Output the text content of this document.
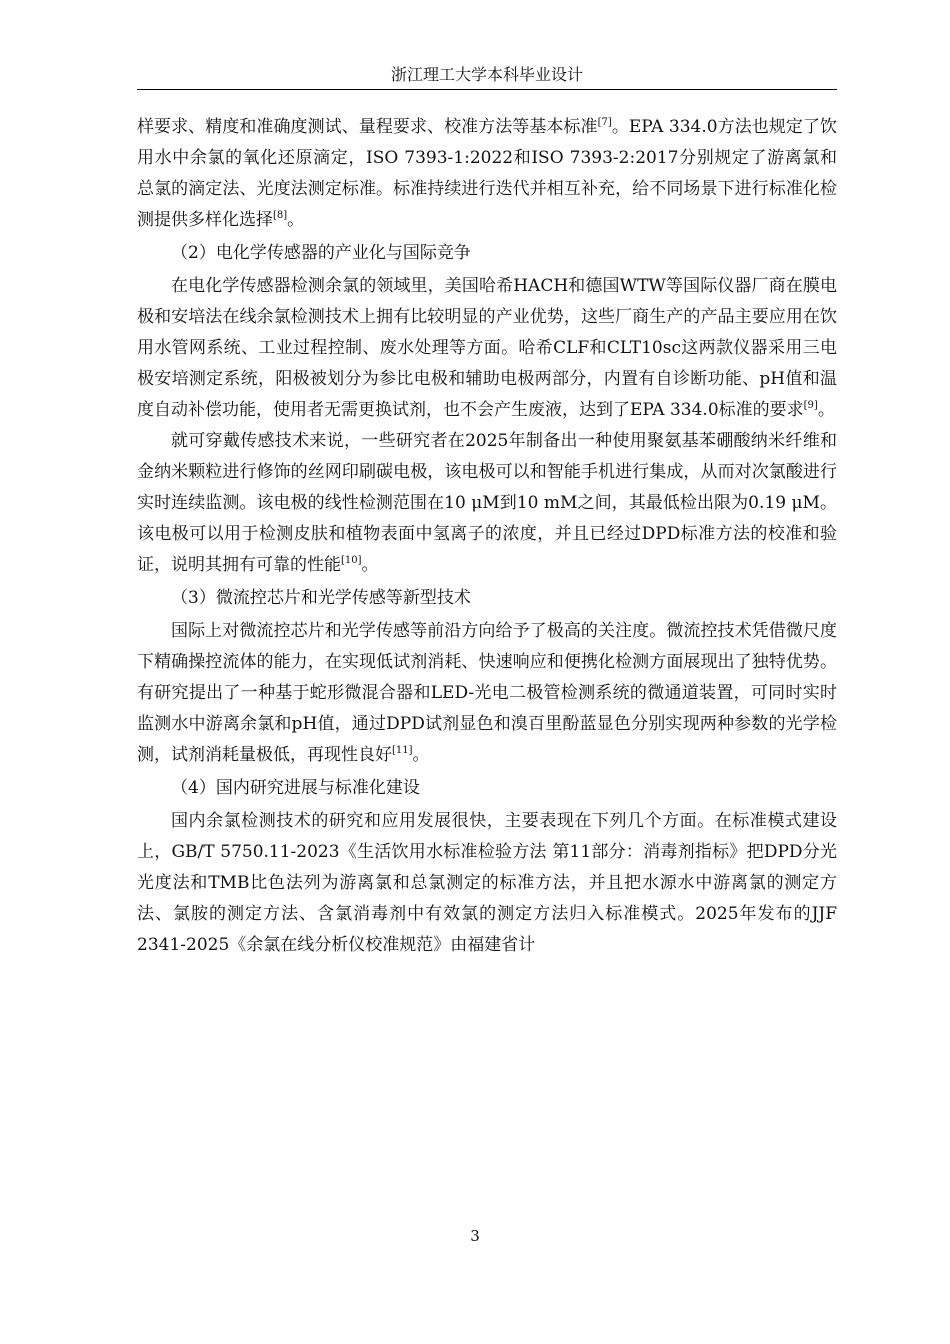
浙江理工大学本科毕业设计

样要求、精度和准确度测试、量程要求、校准方法等基本标准[7]。EPA 334.0方法也规定了饮用水中余氯的氧化还原滴定，ISO 7393-1:2022和ISO 7393-2:2017分别规定了游离氯和总氯的滴定法、光度法测定标准。标准持续进行迭代并相互补充，给不同场景下进行标准化检测提供多样化选择[8]。

（2）电化学传感器的产业化与国际竞争

在电化学传感器检测余氯的领域里，美国哈希HACH和德国WTW等国际仪器厂商在膜电极和安培法在线余氯检测技术上拥有比较明显的产业优势，这些厂商生产的产品主要应用在饮用水管网系统、工业过程控制、废水处理等方面。哈希CLF和CLT10sc这两款仪器采用三电极安培测定系统，阳极被划分为参比电极和辅助电极两部分，内置有自诊断功能、pH值和温度自动补偿功能，使用者无需更换试剂，也不会产生废液，达到了EPA 334.0标准的要求[9]。

就可穿戴传感技术来说，一些研究者在2025年制备出一种使用聚氨基苯硼酸纳米纤维和金纳米颗粒进行修饰的丝网印刷碳电极，该电极可以和智能手机进行集成，从而对次氯酸进行实时连续监测。该电极的线性检测范围在10 μM到10 mM之间，其最低检出限为0.19 μM。该电极可以用于检测皮肤和植物表面中氢离子的浓度，并且已经过DPD标准方法的校准和验证，说明其拥有可靠的性能[10]。

（3）微流控芯片和光学传感等新型技术

国际上对微流控芯片和光学传感等前沿方向给予了极高的关注度。微流控技术凭借微尺度下精确操控流体的能力，在实现低试剂消耗、快速响应和便携化检测方面展现出了独特优势。有研究提出了一种基于蛇形微混合器和LED-光电二极管检测系统的微通道装置，可同时实时监测水中游离余氯和pH值，通过DPD试剂显色和溴百里酚蓝显色分别实现两种参数的光学检测，试剂消耗量极低，再现性良好[11]。

（4）国内研究进展与标准化建设

国内余氯检测技术的研究和应用发展很快，主要表现在下列几个方面。在标准模式建设上，GB/T 5750.11-2023《生活饮用水标准检验方法 第11部分：消毒剂指标》把DPD分光光度法和TMB比色法列为游离氯和总氯测定的标准方法，并且把水源水中游离氯的测定方法、氯胺的测定方法、含氯消毒剂中有效氯的测定方法归入标准模式。2025年发布的JJF 2341-2025《余氯在线分析仪校准规范》由福建省计

3
